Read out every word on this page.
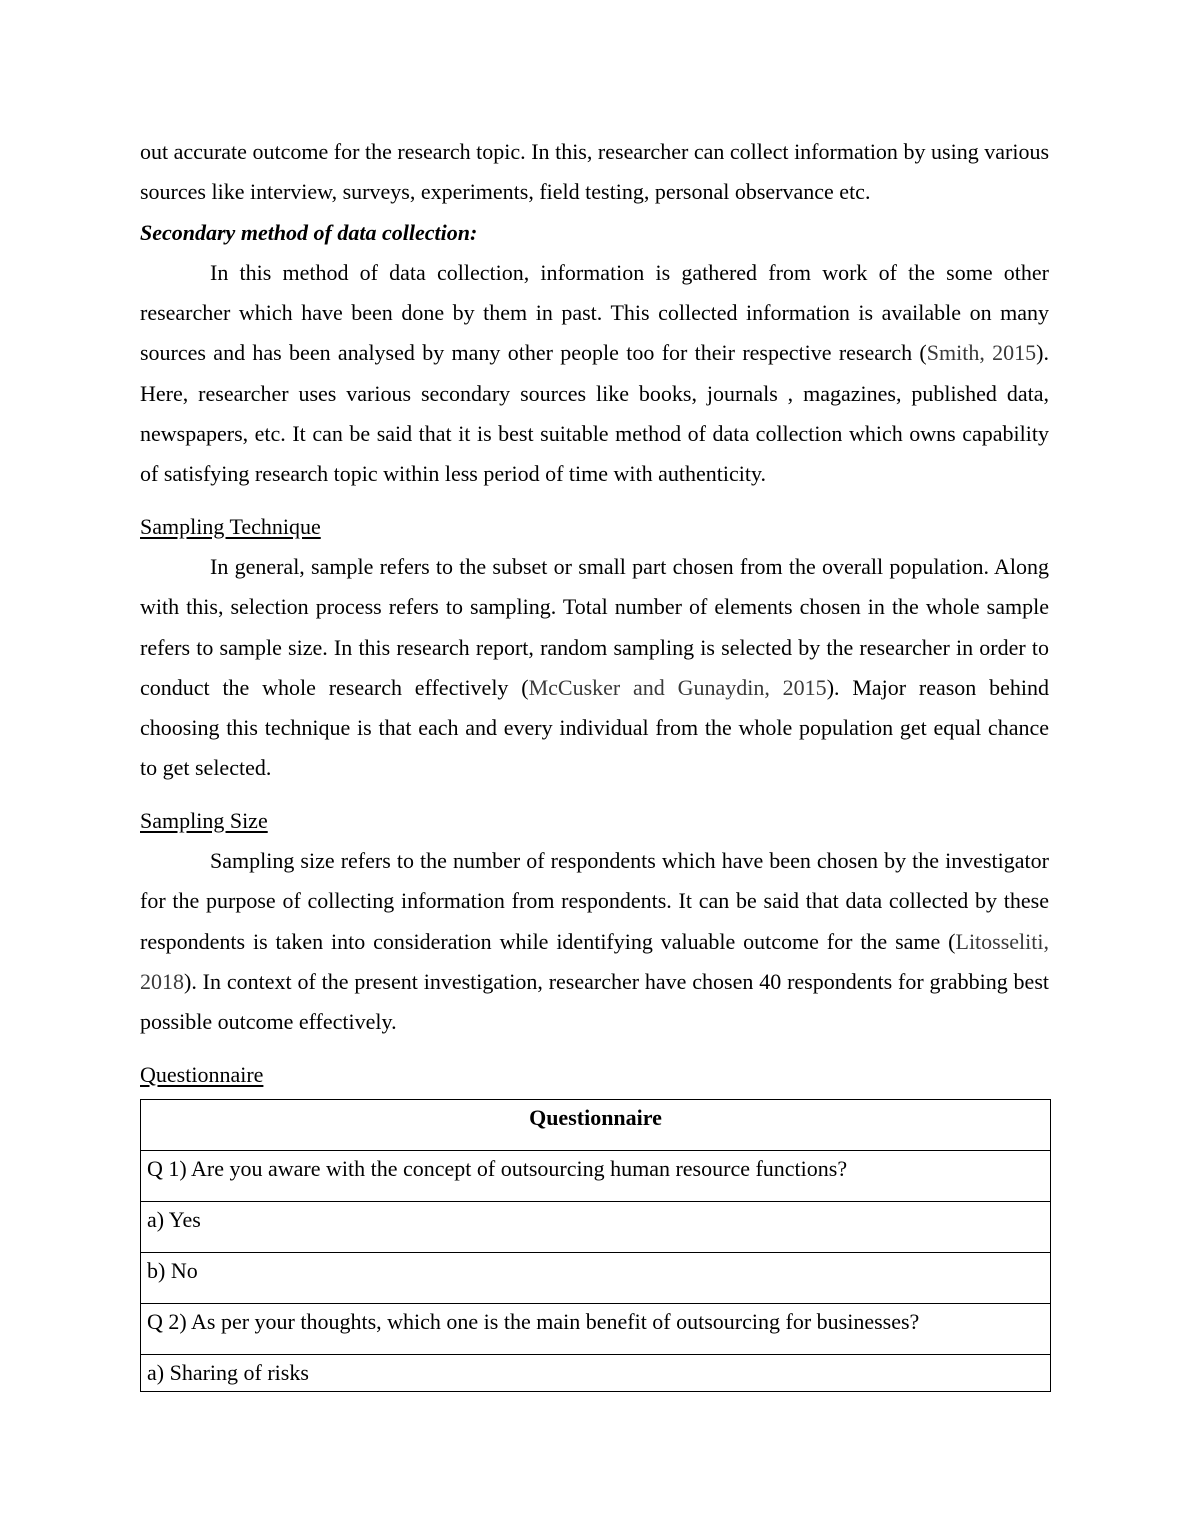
out accurate outcome for the research topic. In this, researcher can collect information by using various sources like interview, surveys, experiments, field testing, personal observance etc.

Secondary method of data collection:

In this method of data collection, information is gathered from work of the some other researcher which have been done by them in past. This collected information is available on many sources and has been analysed by many other people too for their respective research (Smith, 2015). Here, researcher uses various secondary sources like books, journals , magazines, published data, newspapers, etc. It can be said that it is best suitable method of data collection which owns capability of satisfying research topic within less period of time with authenticity.

Sampling Technique

In general, sample refers to the subset or small part chosen from the overall population. Along with this, selection process refers to sampling. Total number of elements chosen in the whole sample refers to sample size. In this research report, random sampling is selected by the researcher in order to conduct the whole research effectively (McCusker and Gunaydin, 2015). Major reason behind choosing this technique is that each and every individual from the whole population get equal chance to get selected.

Sampling Size

Sampling size refers to the number of respondents which have been chosen by the investigator for the purpose of collecting information from respondents. It can be said that data collected by these respondents is taken into consideration while identifying valuable outcome for the same (Litosseliti, 2018). In context of the present investigation, researcher have chosen 40 respondents for grabbing best possible outcome effectively.

Questionnaire

Questionnaire
Q 1) Are you aware with the concept of outsourcing human resource functions?
a) Yes
b) No
Q 2) As per your thoughts, which one is the main benefit of outsourcing for businesses?
a) Sharing of risks
